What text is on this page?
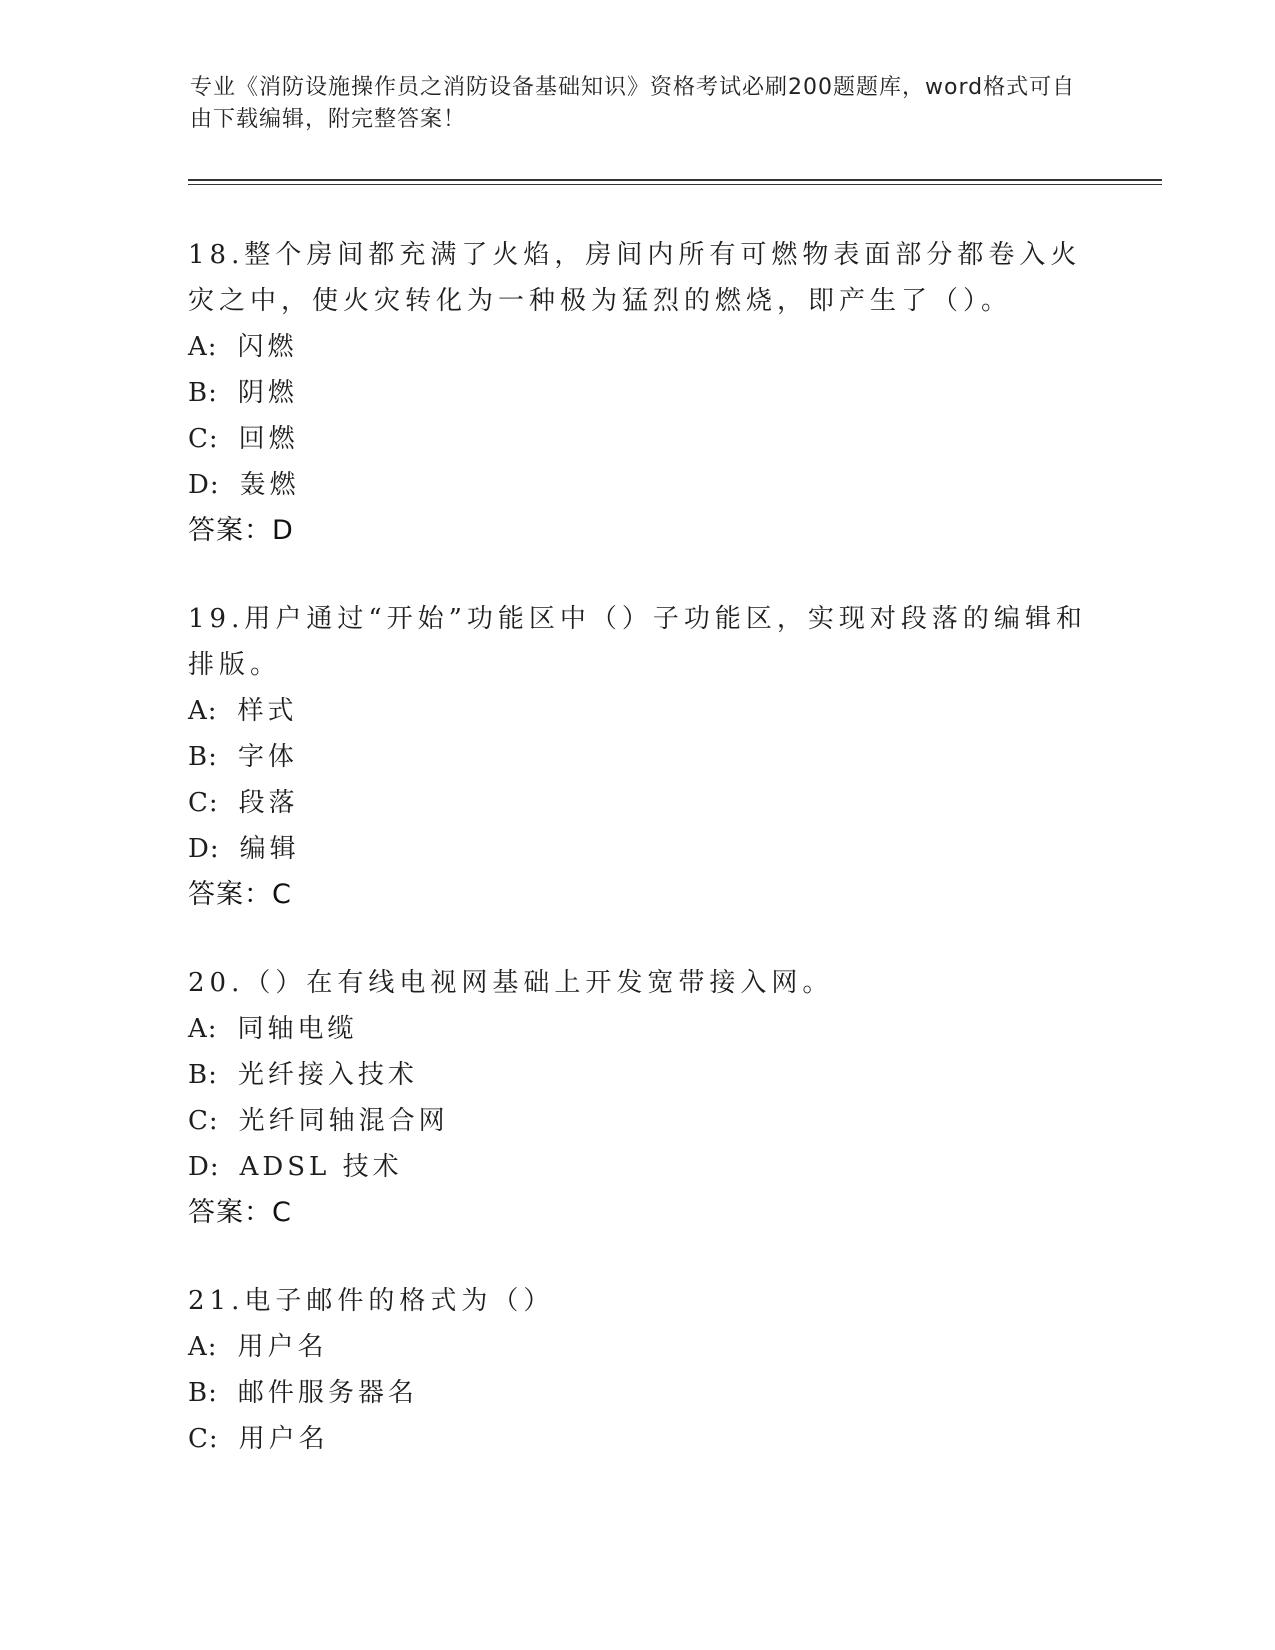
专业《消防设施操作员之消防设备基础知识》资格考试必刷200题题库，word格式可自由下载编辑，附完整答案！
18.整个房间都充满了火焰，房间内所有可燃物表面部分都卷入火灾之中，使火灾转化为一种极为猛烈的燃烧，即产生了（）。
A: 闪燃
B: 阴燃
C: 回燃
D: 轰燃
答案：D
19.用户通过“开始”功能区中（）子功能区，实现对段落的编辑和排版。
A: 样式
B: 字体
C: 段落
D: 编辑
答案：C
20.（）在有线电视网基础上开发宽带接入网。
A: 同轴电缆
B: 光纤接入技术
C: 光纤同轴混合网
D: ADSL 技术
答案：C
21.电子邮件的格式为（）
A: 用户名
B: 邮件服务器名
C: 用户名
